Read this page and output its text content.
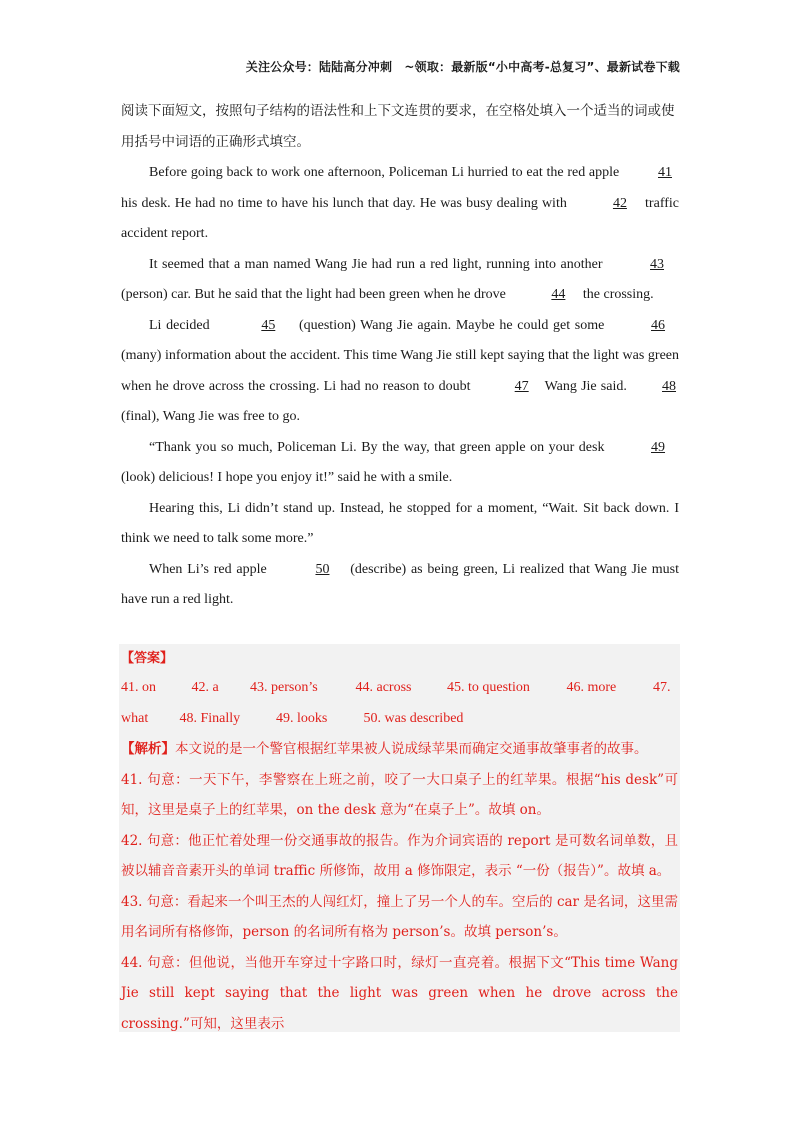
关注公众号：陆陆高分冲刺　~领取：最新版“小中高考-总复习”、最新试卷下载
阅读下面短文，按照句子结构的语法性和上下文连贯的要求，在空格处填入一个适当的词或使用括号中词语的正确形式填空。

Before going back to work one afternoon, Policeman Li hurried to eat the red apple	41 his desk. He had no time to have his lunch that day. He was busy dealing with	42 traffic accident report.

It seemed that a man named Wang Jie had run a red light, running into another	43 (person) car. But he said that the light had been green when he drove	44 the crossing.

Li decided	45 (question) Wang Jie again. Maybe he could get some	46 (many) information about the accident. This time Wang Jie still kept saying that the light was green when he drove across the crossing. Li had no reason to doubt	47 Wang Jie said.	48 (final), Wang Jie was free to go.

“Thank you so much, Policeman Li. By the way, that green apple on your desk	49 (look) delicious! I hope you enjoy it!” said he with a smile.

Hearing this, Li didn’t stand up. Instead, he stopped for a moment, “Wait. Sit back down. I think we need to talk some more.”

When Li’s red apple	50 (describe) as being green, Li realized that Wang Jie must have run a red light.

【答案】
41. on	42. a 43. person’s	44. across	45. to question	46. more	47.
what 48. Finally	49. looks	50. was described

【解析】本文说的是一个警官根据红苹果被人说成绿苹果而确定交通事故肇事者的故事。

41. 句意：一天下午，李警察在上班之前，咬了一大口桌子上的红苹果。根据“his desk”可知，这里是桌子上的红苹果，on the desk 意为“在桌子上”。故填 on。

42. 句意：他正忙着处理一份交通事故的报告。作为介词宾语的 report 是可数名词单数，且被以辅音音素开头的单词 traffic 所修饰，故用 a 修饰限定，表示 “一份（报告）”。故填 a。

43. 句意：看起来一个叫王杰的人闯红灯，撞上了另一个人的车。空后的 car 是名词，这里需用名词所有格修饰，person 的名词所有格为 person’s。故填 person’s。

44. 句意：但他说，当他开车穿过十字路口时，绿灯一直亮着。根据下文“This time Wang Jie still kept saying that the light was green when he drove across the crossing.”可知，这里表示
